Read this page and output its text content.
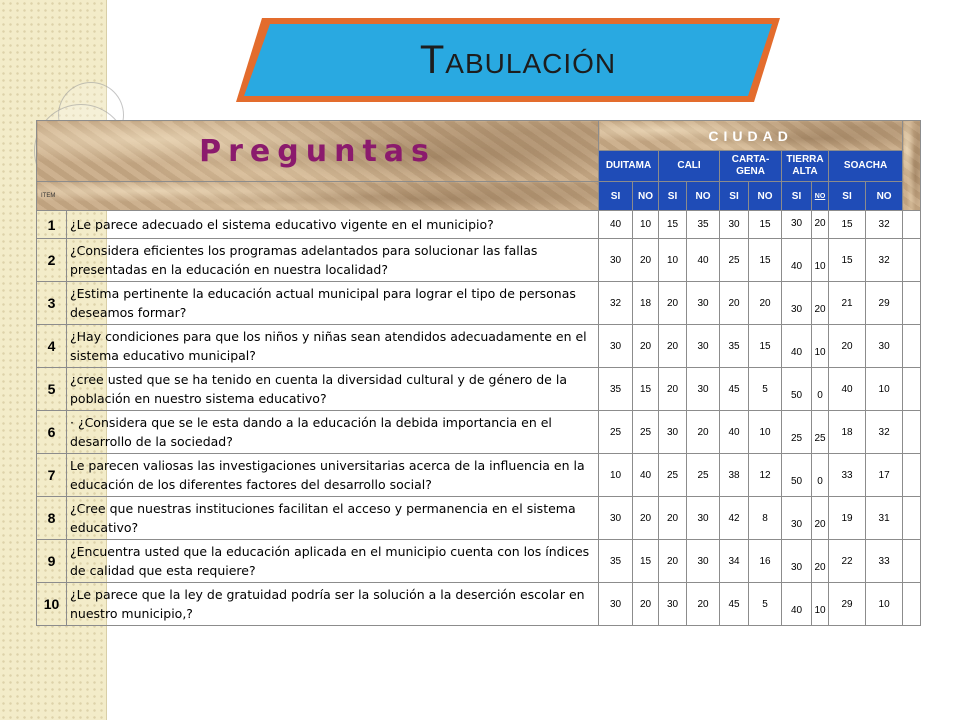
Tabulación
Preguntas		CIUDAD										
		DUITAMA		CALI		CARTA-GENA		TIERRA ALTA		SOACHA		
ITEM		SI	NO	SI	NO	SI	NO	SI	NO	SI	NO	
1	¿Le parece adecuado el sistema educativo vigente en el municipio?	40	10	15	35	30	15	30	20	15	32	
2	¿Considera eficientes los programas adelantados para solucionar las fallas presentadas en la educación en nuestra localidad?	30	20	10	40	25	15	40	10	15	32	
3	¿Estima pertinente la educación actual municipal para lograr el tipo de personas deseamos formar?	32	18	20	30	20	20	30	20	21	29	
4	¿Hay condiciones para que los niños y niñas sean atendidos adecuadamente en el sistema educativo municipal?	30	20	20	30	35	15	40	10	20	30	
5	¿cree usted que se ha tenido en cuenta la diversidad cultural y de género de la población en nuestro sistema educativo?	35	15	20	30	45	5	50	0	40	10	
6	· ¿Considera que se le esta dando a la educación la debida importancia en el desarrollo de la sociedad?	25	25	30	20	40	10	25	25	18	32	
7	Le parecen valiosas las investigaciones universitarias acerca de la influencia en la educación de los diferentes factores del desarrollo social?	10	40	25	25	38	12	50	0	33	17	
8	¿Cree que nuestras instituciones facilitan el acceso y permanencia en el sistema educativo?	30	20	20	30	42	8	30	20	19	31	
9	¿Encuentra usted que la educación aplicada en el municipio cuenta con los índices de calidad que esta requiere?	35	15	20	30	34	16	30	20	22	33	
10	¿Le parece que la ley de gratuidad podría ser la solución a la deserción escolar en nuestro municipio,?	30	20	30	20	45	5	40	10	29	10	
